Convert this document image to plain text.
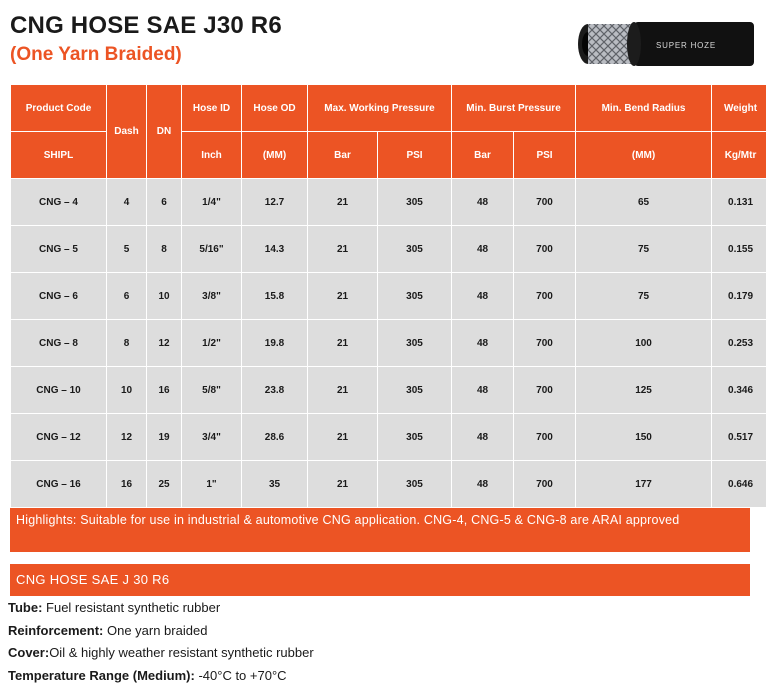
CNG HOSE SAE J30 R6
(One Yarn Braided)	SUPER HOZE
Product Code	Dash	DN	Hose ID	Hose OD	Max. Working Pressure		Min. Burst Pressure		Min. Bend Radius	Weight
SHIPL			Inch	(MM)	Bar	PSI	Bar	PSI	(MM)	Kg/Mtr
CNG – 4	4	6	1/4"	12.7	21	305	48	700	65	0.131
CNG – 5	5	8	5/16"	14.3	21	305	48	700	75	0.155
CNG – 6	6	10	3/8"	15.8	21	305	48	700	75	0.179
CNG – 8	8	12	1/2"	19.8	21	305	48	700	100	0.253
CNG – 10	10	16	5/8"	23.8	21	305	48	700	125	0.346
CNG – 12	12	19	3/4"	28.6	21	305	48	700	150	0.517
CNG – 16	16	25	1"	35	21	305	48	700	177	0.646
Highlights: Suitable for use in industrial & automotive CNG application. CNG-4, CNG-5 & CNG-8 are ARAI approved
CNG HOSE SAE J 30 R6
Tube: Fuel resistant synthetic rubber
Reinforcement: One yarn braided
Cover:Oil & highly weather resistant synthetic rubber
Temperature Range (Medium): -40°C to +70°C
